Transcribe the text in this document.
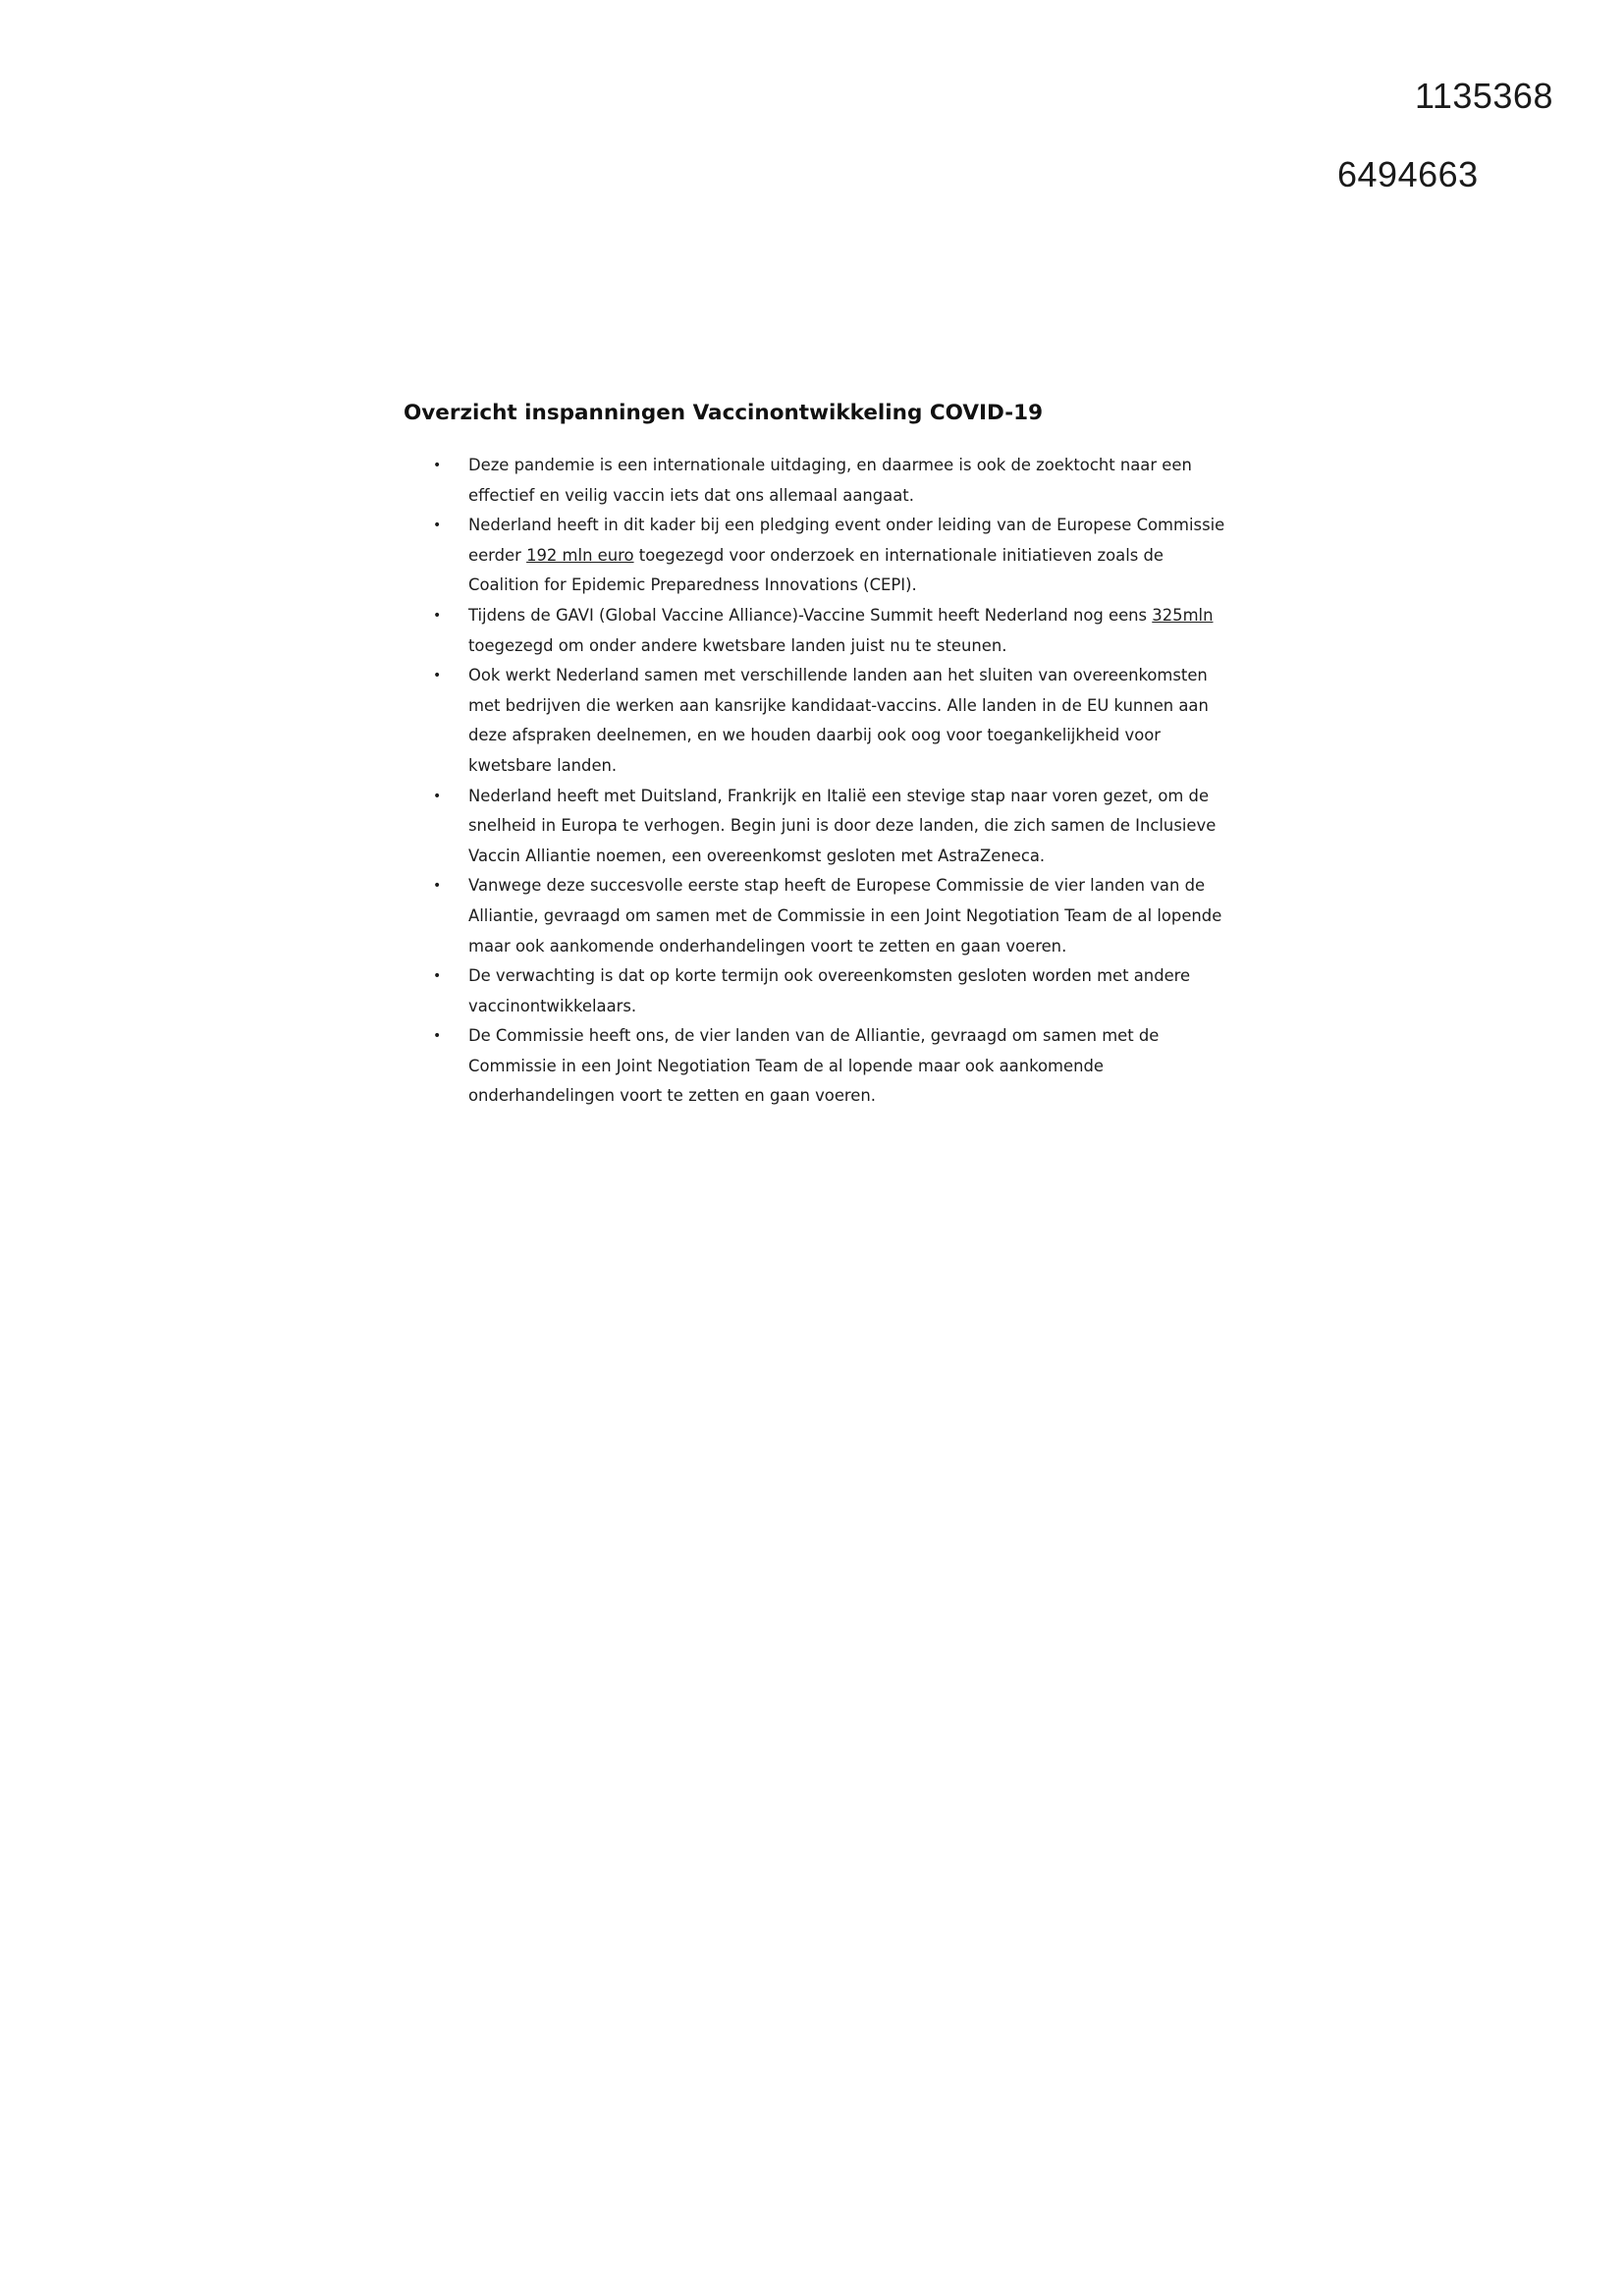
1135368
6494663
Overzicht inspanningen Vaccinontwikkeling COVID-19
• Deze pandemie is een internationale uitdaging, en daarmee is ook de zoektocht naar een effectief en veilig vaccin iets dat ons allemaal aangaat.
• Nederland heeft in dit kader bij een pledging event onder leiding van de Europese Commissie eerder 192 mln euro toegezegd voor onderzoek en internationale initiatieven zoals de Coalition for Epidemic Preparedness Innovations (CEPI).
• Tijdens de GAVI (Global Vaccine Alliance)-Vaccine Summit heeft Nederland nog eens 325mln toegezegd om onder andere kwetsbare landen juist nu te steunen.
• Ook werkt Nederland samen met verschillende landen aan het sluiten van overeenkomsten met bedrijven die werken aan kansrijke kandidaat-vaccins. Alle landen in de EU kunnen aan deze afspraken deelnemen, en we houden daarbij ook oog voor toegankelijkheid voor kwetsbare landen.
• Nederland heeft met Duitsland, Frankrijk en Italië een stevige stap naar voren gezet, om de snelheid in Europa te verhogen. Begin juni is door deze landen, die zich samen de Inclusieve Vaccin Alliantie noemen, een overeenkomst gesloten met AstraZeneca.
• Vanwege deze succesvolle eerste stap heeft de Europese Commissie de vier landen van de Alliantie, gevraagd om samen met de Commissie in een Joint Negotiation Team de al lopende maar ook aankomende onderhandelingen voort te zetten en gaan voeren.
• De verwachting is dat op korte termijn ook overeenkomsten gesloten worden met andere vaccinontwikkelaars.
• De Commissie heeft ons, de vier landen van de Alliantie, gevraagd om samen met de Commissie in een Joint Negotiation Team de al lopende maar ook aankomende onderhandelingen voort te zetten en gaan voeren.
